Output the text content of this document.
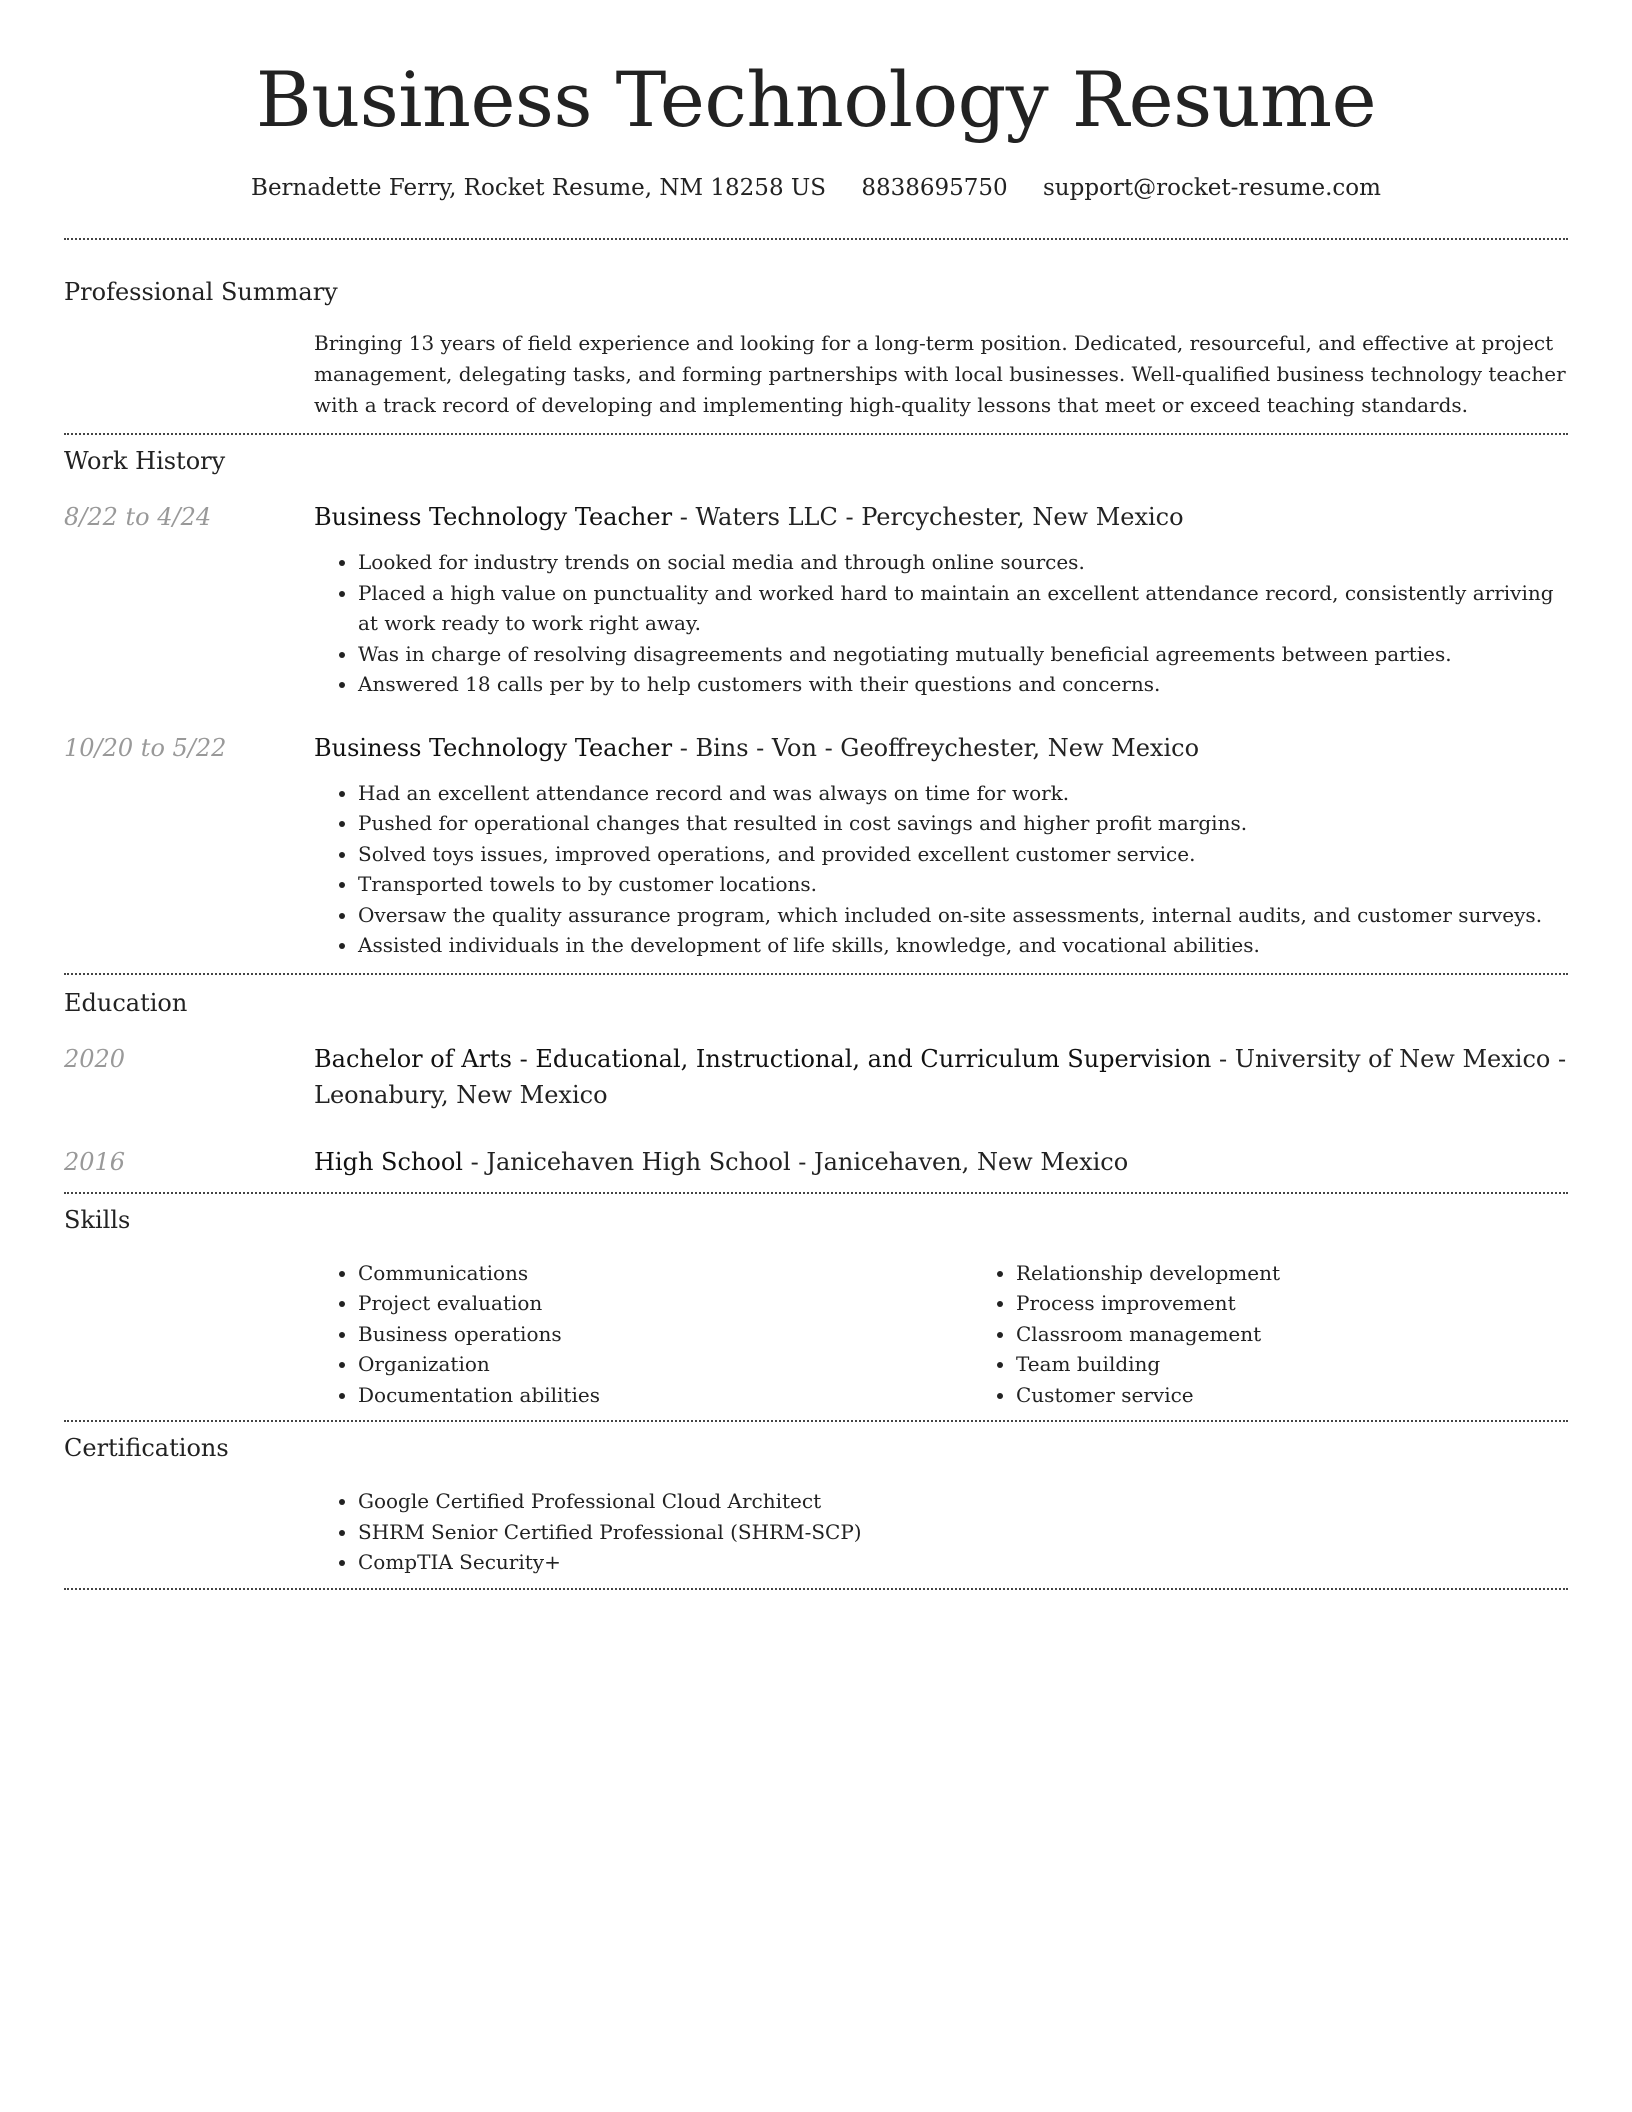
Business Technology Resume
Bernadette Ferry, Rocket Resume, NM 18258 US 8838695750 support@rocket-resume.com
Professional Summary
Bringing 13 years of field experience and looking for a long-term position. Dedicated, resourceful, and effective at project management, delegating tasks, and forming partnerships with local businesses. Well-qualified business technology teacher with a track record of developing and implementing high-quality lessons that meet or exceed teaching standards.
Work History
8/22 to 4/24	Business Technology Teacher - Waters LLC - Percychester, New Mexico
• Looked for industry trends on social media and through online sources.
• Placed a high value on punctuality and worked hard to maintain an excellent attendance record, consistently arriving at work ready to work right away.
• Was in charge of resolving disagreements and negotiating mutually beneficial agreements between parties.
• Answered 18 calls per by to help customers with their questions and concerns.
10/20 to 5/22	Business Technology Teacher - Bins - Von - Geoffreychester, New Mexico
• Had an excellent attendance record and was always on time for work.
• Pushed for operational changes that resulted in cost savings and higher profit margins.
• Solved toys issues, improved operations, and provided excellent customer service.
• Transported towels to by customer locations.
• Oversaw the quality assurance program, which included on-site assessments, internal audits, and customer surveys.
• Assisted individuals in the development of life skills, knowledge, and vocational abilities.
Education
2020	Bachelor of Arts - Educational, Instructional, and Curriculum Supervision - University of New Mexico - Leonabury, New Mexico
2016	High School - Janicehaven High School - Janicehaven, New Mexico
Skills
• Communications
• Project evaluation
• Business operations
• Organization
• Documentation abilities
• Relationship development
• Process improvement
• Classroom management
• Team building
• Customer service
Certifications
• Google Certified Professional Cloud Architect
• SHRM Senior Certified Professional (SHRM-SCP)
• CompTIA Security+
